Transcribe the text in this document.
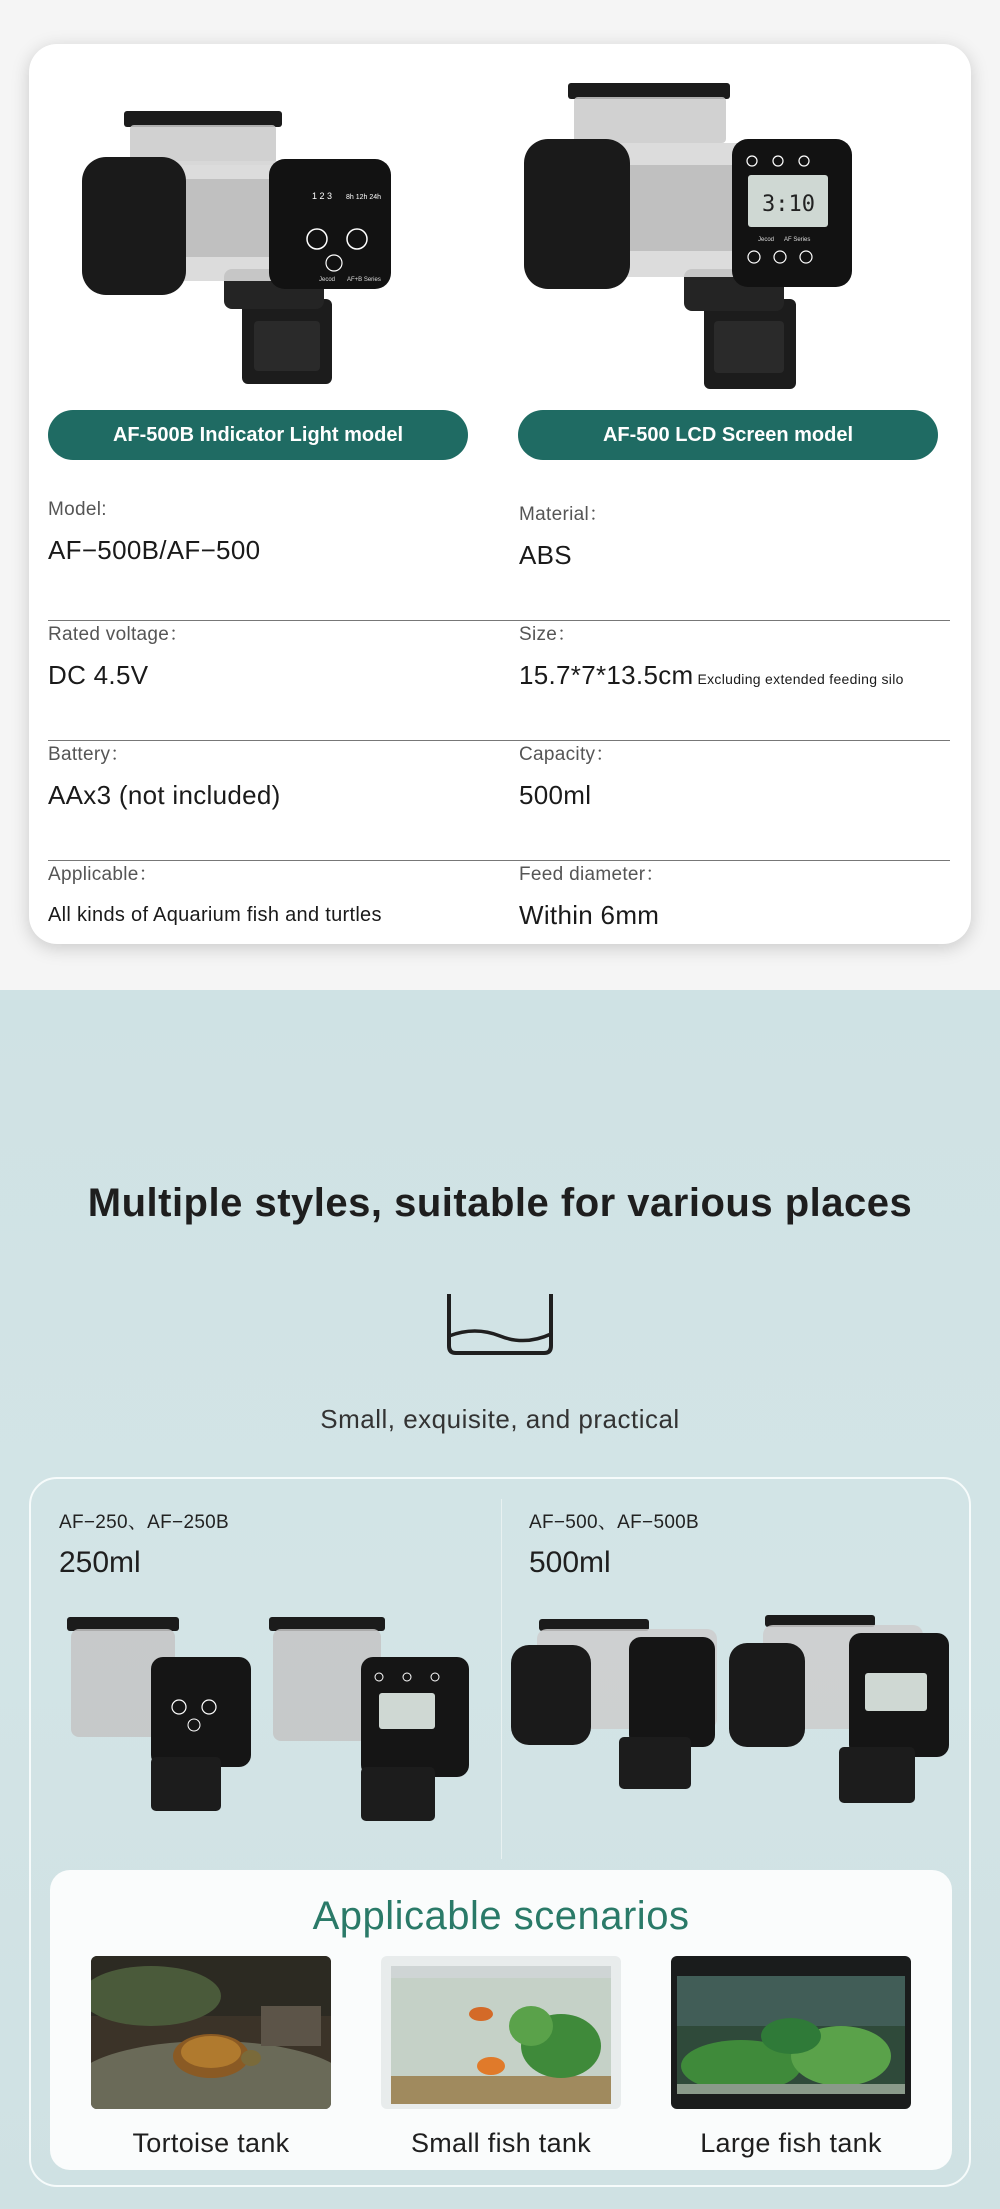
1 2 3 8h 12h 24h
Jecod AF+B Series
3:10
Jecod AF Series
AF-500B Indicator Light model	AF-500 LCD Screen model
Model:
AF−500B/AF−500
Material：
ABS
Rated voltage：
DC 4.5V
Size：
15.7*7*13.5cm Excluding extended feeding silo
Battery：
AAx3 (not included)
Capacity：
500ml
Applicable：
All kinds of Aquarium fish and turtles
Feed diameter：
Within 6mm
Multiple styles, suitable for various places
Small, exquisite, and practical
AF−250、AF−250B
250ml
AF−500、AF−500B
500ml
Applicable scenarios
Tortoise tank	Small fish tank	Large fish tank
